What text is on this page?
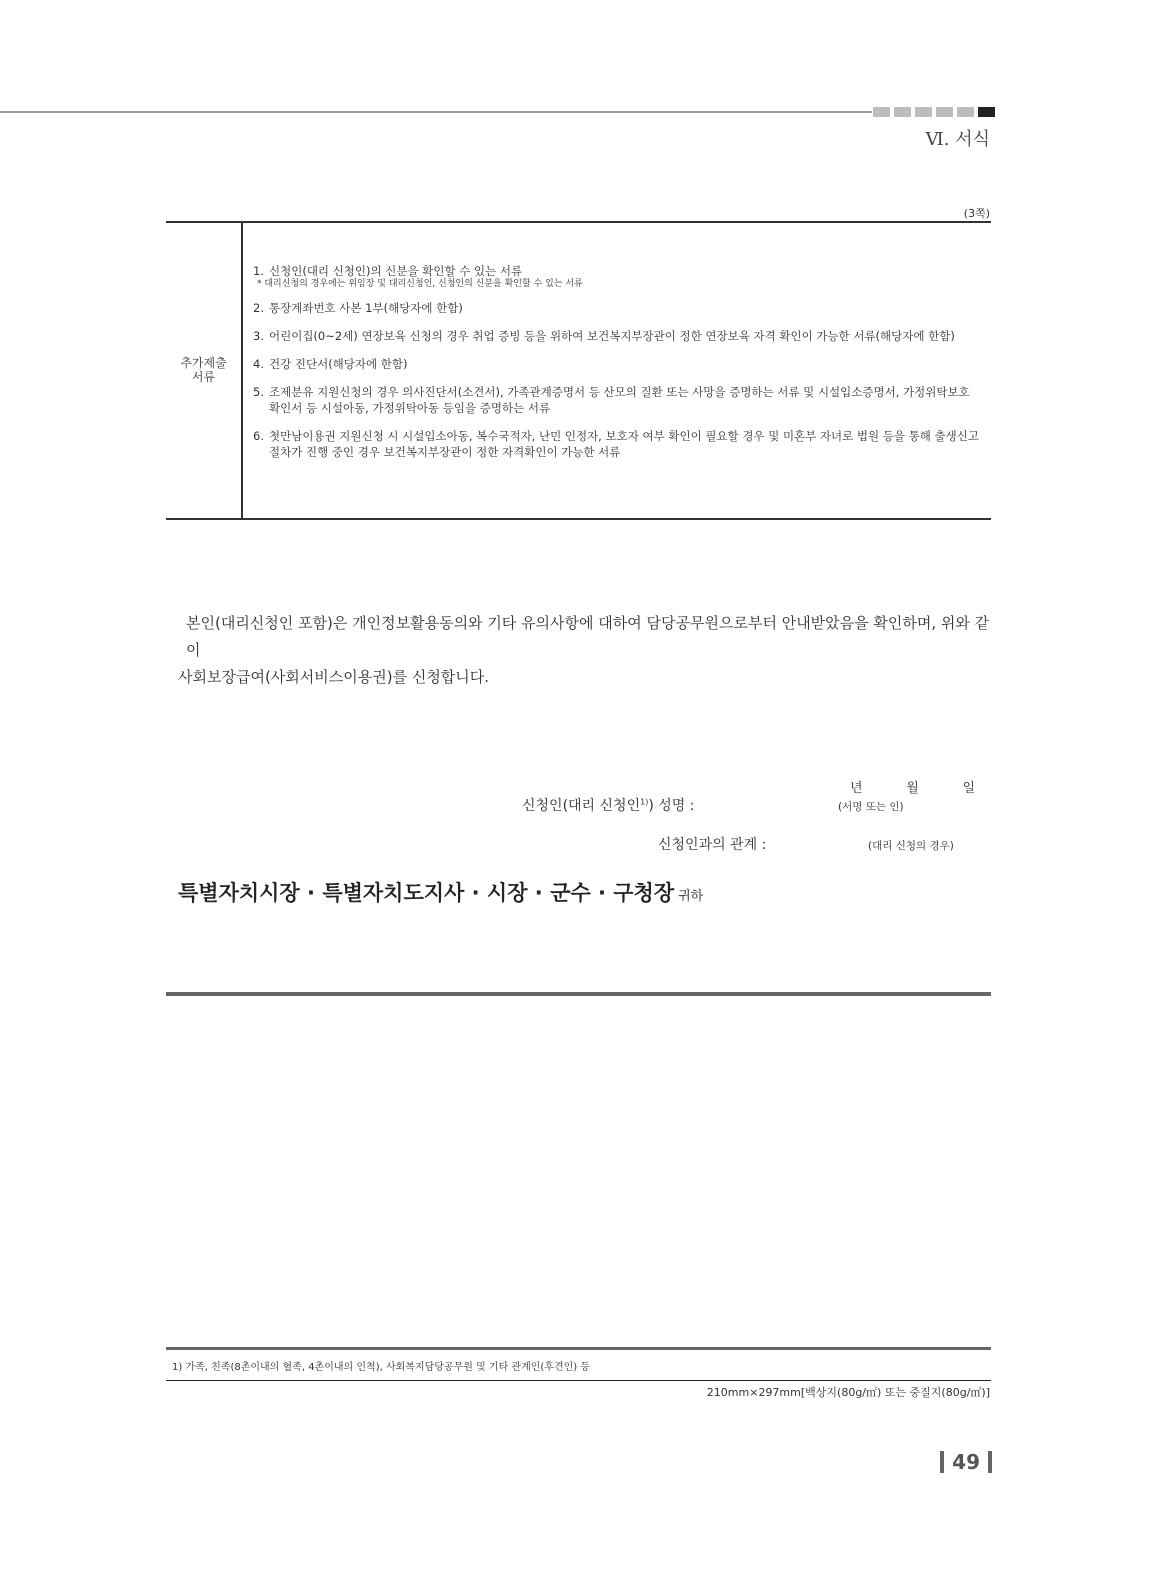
Ⅵ. 서식
(3쪽)
추가제출
서류
1. 신청인(대리 신청인)의 신분을 확인할 수 있는 서류
* 대리신청의 경우에는 위임장 및 대리신청인, 신청인의 신분을 확인할 수 있는 서류
2. 통장계좌번호 사본 1부(해당자에 한함)
3. 어린이집(0~2세) 연장보육 신청의 경우 취업 증빙 등을 위하여 보건복지부장관이 정한 연장보육 자격 확인이 가능한 서류(해당자에 한함)
4. 건강 진단서(해당자에 한함)
5. 조제분유 지원신청의 경우 의사진단서(소견서), 가족관계증명서 등 산모의 질환 또는 사망을 증명하는 서류 및 시설입소증명서, 가정위탁보호
확인서 등 시설아동, 가정위탁아동 등임을 증명하는 서류
6. 첫만남이용권 지원신청 시 시설입소아동, 복수국적자, 난민 인정자, 보호자 여부 확인이 필요할 경우 및 미혼부 자녀로 법원 등을 통해 출생신고
절차가 진행 중인 경우 보건복지부장관이 정한 자격확인이 가능한 서류
본인(대리신청인 포함)은 개인정보활용동의와 기타 유의사항에 대하여 담당공무원으로부터 안내받았음을 확인하며, 위와 같이
사회보장급여(사회서비스이용권)를 신청합니다.
년	월	일
신청인(대리 신청인$^{1)}$) 성명 :	(서명 또는 인)
신청인과의 관계 :	(대리 신청의 경우)
특별자치시장 · 특별자치도지사 · 시장 · 군수 · 구청장 귀하
1) 가족, 친족(8촌이내의 혈족, 4촌이내의 인척), 사회복지담당공무원 및 기타 관계인(후견인) 등
210mm×297mm[백상지(80g/㎡) 또는 중질지(80g/㎡)]
49
